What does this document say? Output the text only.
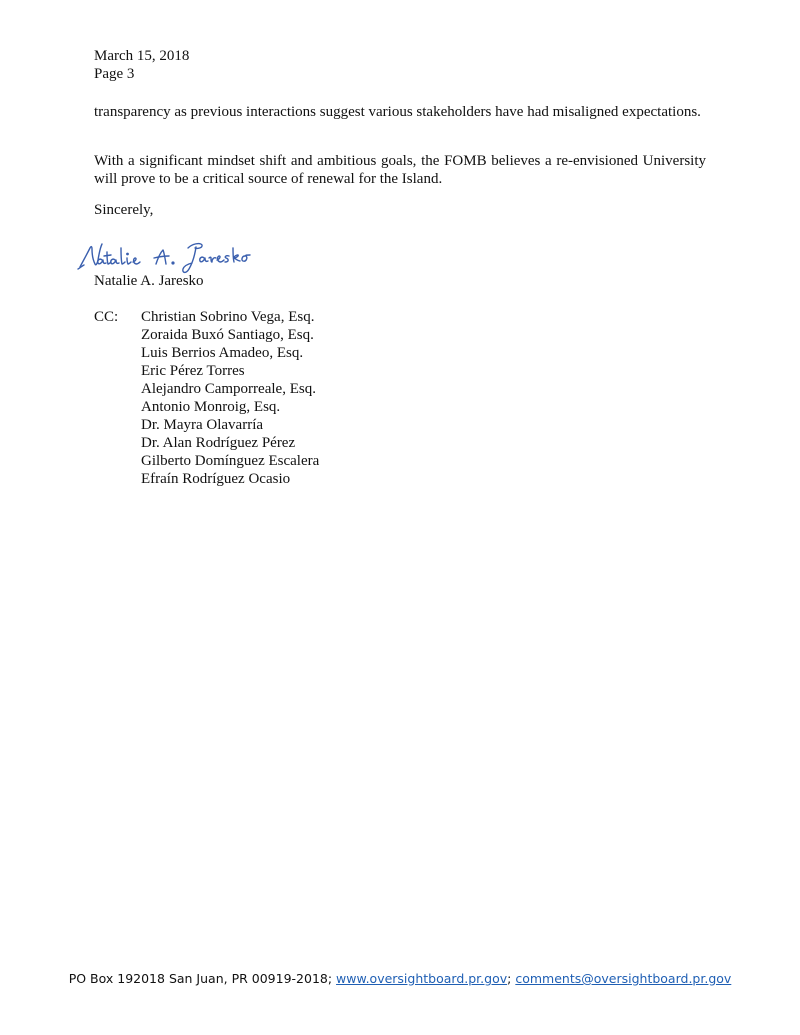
March 15, 2018
Page 3

transparency as previous interactions suggest various stakeholders have had misaligned expectations.

With a significant mindset shift and ambitious goals, the FOMB believes a re-envisioned University will prove to be a critical source of renewal for the Island.

Sincerely,
Natalie A. Jaresko
CC: Christian Sobrino Vega, Esq.
Zoraida Buxó Santiago, Esq.
Luis Berrios Amadeo, Esq.
Eric Pérez Torres
Alejandro Camporreale, Esq.
Antonio Monroig, Esq.
Dr. Mayra Olavarría
Dr. Alan Rodríguez Pérez
Gilberto Domínguez Escalera
Efraín Rodríguez Ocasio
PO Box 192018 San Juan, PR 00919-2018; www.oversightboard.pr.gov; comments@oversightboard.pr.gov
